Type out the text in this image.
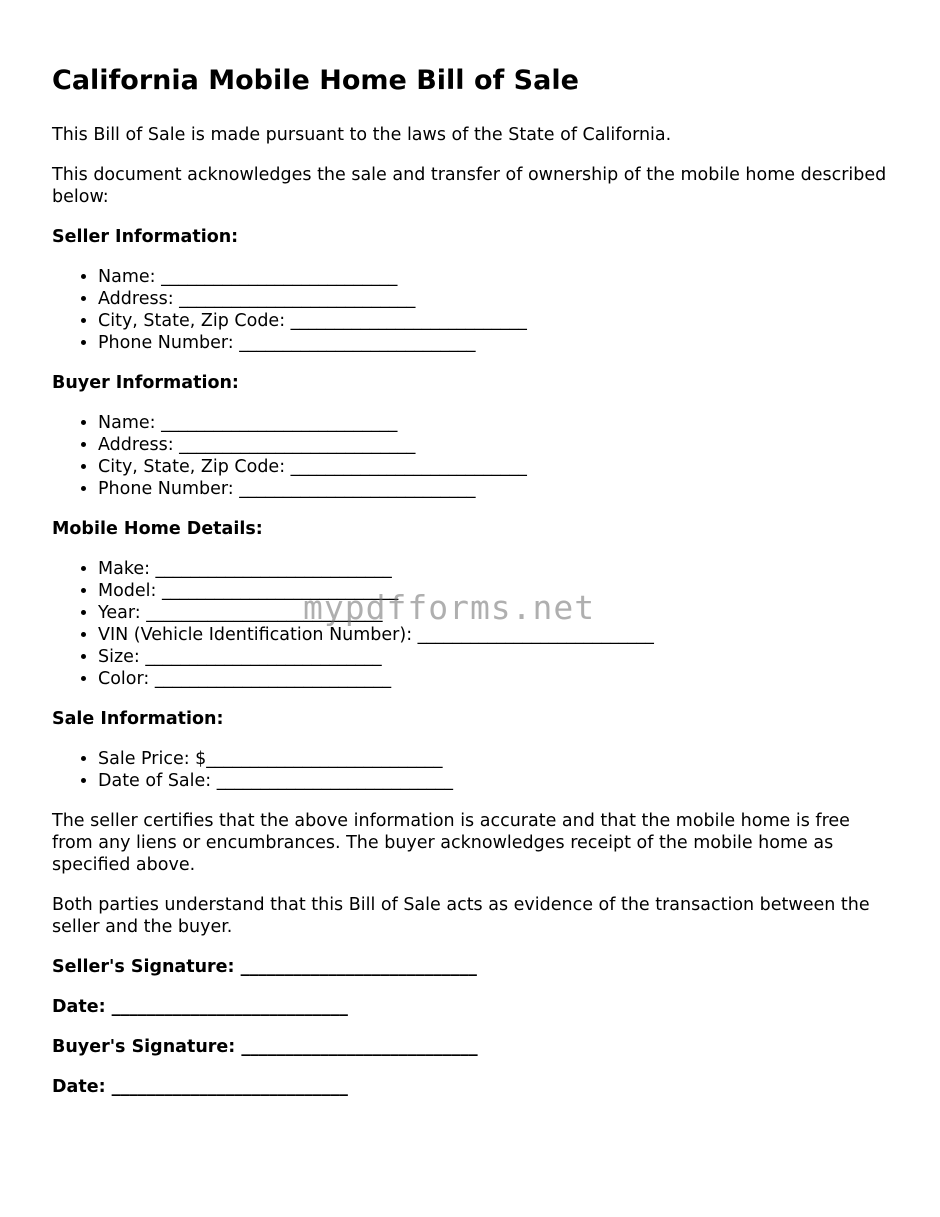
California Mobile Home Bill of Sale

This Bill of Sale is made pursuant to the laws of the State of California.

This document acknowledges the sale and transfer of ownership of the mobile home described below:

Seller Information:
• Name: ___________________________
• Address: ___________________________
• City, State, Zip Code: ___________________________
• Phone Number: ___________________________
Buyer Information:
• Name: ___________________________
• Address: ___________________________
• City, State, Zip Code: ___________________________
• Phone Number: ___________________________
Mobile Home Details:
• Make: ___________________________
• Model: ___________________________
• Year: ___________________________
• VIN (Vehicle Identification Number): ___________________________
• Size: ___________________________
• Color: ___________________________
Sale Information:
• Sale Price: $___________________________
• Date of Sale: ___________________________

The seller certifies that the above information is accurate and that the mobile home is free from any liens or encumbrances. The buyer acknowledges receipt of the mobile home as specified above.

Both parties understand that this Bill of Sale acts as evidence of the transaction between the seller and the buyer.

Seller's Signature: ___________________________
Date: ___________________________
Buyer's Signature: ___________________________
Date: ___________________________
mypdfforms.net
